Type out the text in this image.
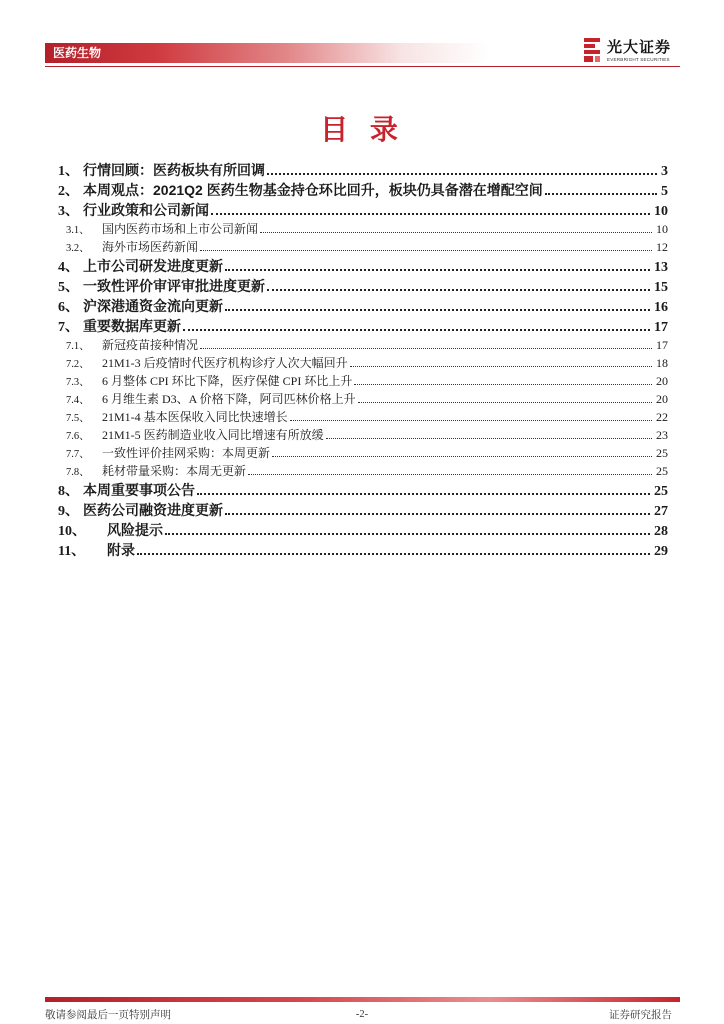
医药生物	光大证券
EVERBRIGHT SECURITIES
目 录
1、 行情回顾：医药板块有所回调	3
2、 本周观点：2021Q2 医药生物基金持仓环比回升，板块仍具备潜在增配空间	5
3、 行业政策和公司新闻	10
3.1、	国内医药市场和上市公司新闻	10
3.2、	海外市场医药新闻	12
4、 上市公司研发进度更新	13
5、 一致性评价审评审批进度更新	15
6、 沪深港通资金流向更新	16
7、 重要数据库更新	17
7.1、	新冠疫苗接种情况	17
7.2、	21M1-3 后疫情时代医疗机构诊疗人次大幅回升	18
7.3、	6 月整体 CPI 环比下降，医疗保健 CPI 环比上升	20
7.4、	6 月维生素 D3、A 价格下降，阿司匹林价格上升	20
7.5、	21M1-4 基本医保收入同比快速增长	22
7.6、	21M1-5 医药制造业收入同比增速有所放缓	23
7.7、	一致性评价挂网采购：本周更新	25
7.8、	耗材带量采购：本周无更新	25
8、 本周重要事项公告	25
9、 医药公司融资进度更新	27
10、	风险提示	28
11、	附录	29
敬请参阅最后一页特别声明	-2-	证券研究报告
